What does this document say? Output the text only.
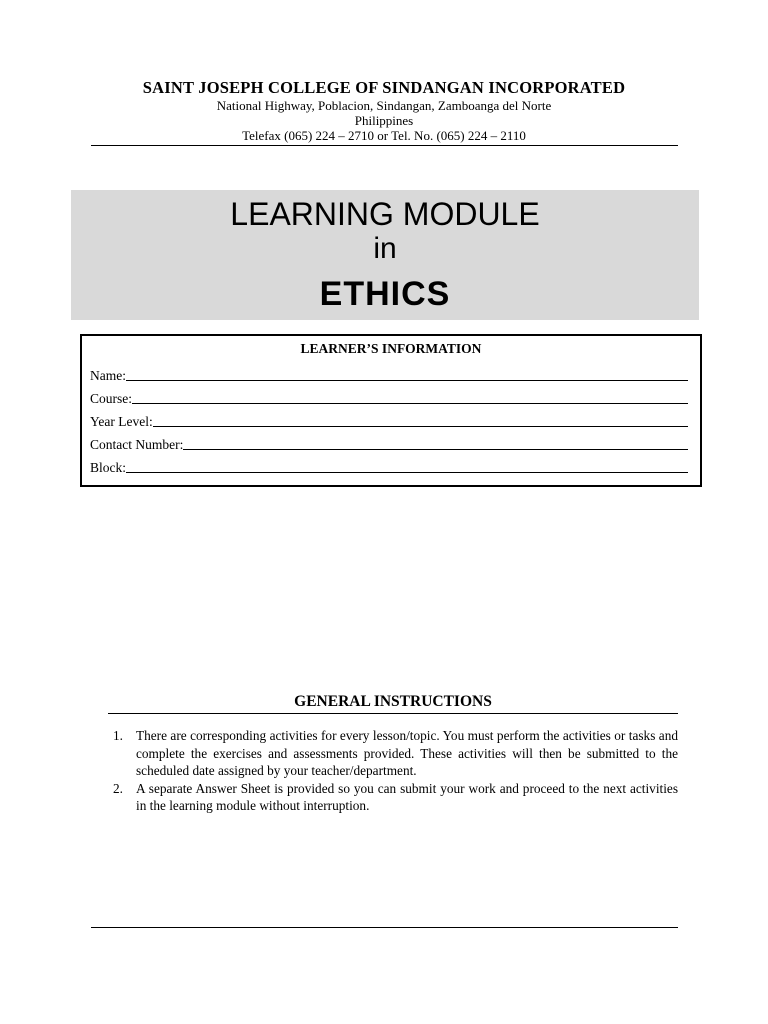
SAINT JOSEPH COLLEGE OF SINDANGAN INCORPORATED
National Highway, Poblacion, Sindangan, Zamboanga del Norte
Philippines
Telefax (065) 224 – 2710 or Tel. No. (065) 224 – 2110
LEARNING MODULE
in
ETHICS
LEARNER’S INFORMATION
Name:
Course:
Year Level:
Contact Number:
Block:
GENERAL INSTRUCTIONS
1. There are corresponding activities for every lesson/topic. You must perform the activities or tasks and complete the exercises and assessments provided. These activities will then be submitted to the scheduled date assigned by your teacher/department.
2. A separate Answer Sheet is provided so you can submit your work and proceed to the next activities in the learning module without interruption.
